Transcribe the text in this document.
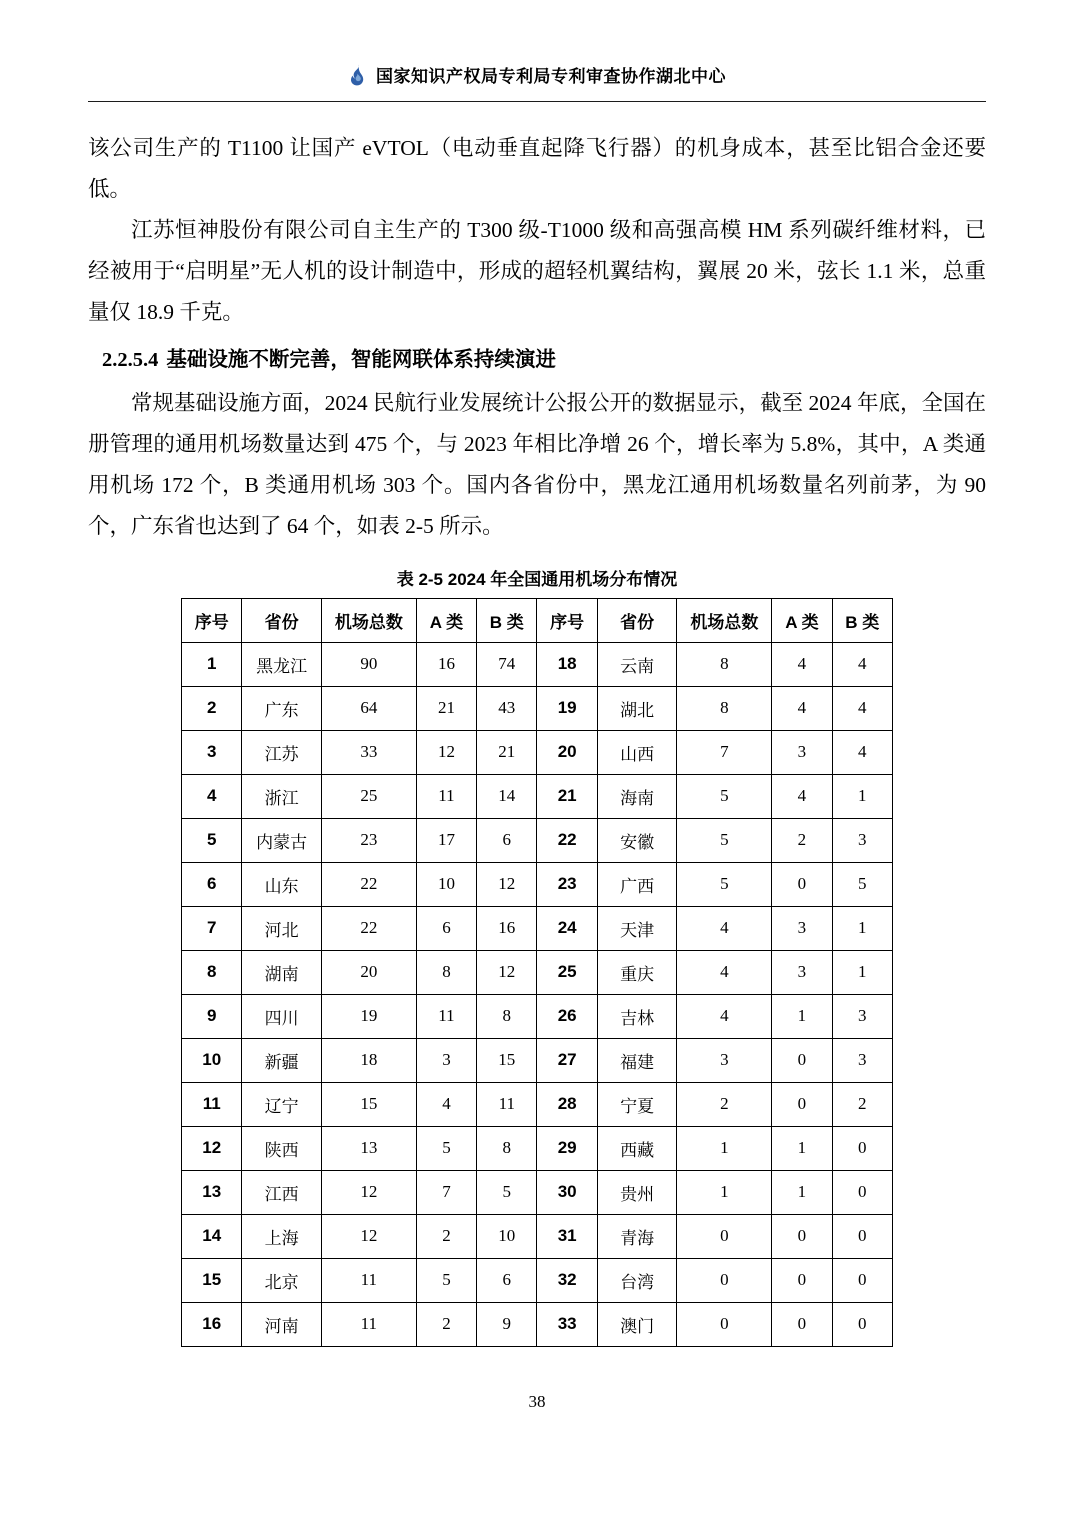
国家知识产权局专利局专利审查协作湖北中心

该公司生产的 T1100 让国产 eVTOL（电动垂直起降飞行器）的机身成本，甚至比铝合金还要低。

江苏恒神股份有限公司自主生产的 T300 级-T1000 级和高强高模 HM 系列碳纤维材料，已经被用于“启明星”无人机的设计制造中，形成的超轻机翼结构，翼展 20 米，弦长 1.1 米，总重量仅 18.9 千克。

2.2.5.4 基础设施不断完善，智能网联体系持续演进

常规基础设施方面，2024 民航行业发展统计公报公开的数据显示，截至 2024 年底，全国在册管理的通用机场数量达到 475 个，与 2023 年相比净增 26 个，增长率为 5.8%，其中，A 类通用机场 172 个，B 类通用机场 303 个。国内各省份中，黑龙江通用机场数量名列前茅，为 90 个，广东省也达到了 64 个，如表 2-5 所示。

表 2-5 2024 年全国通用机场分布情况
序号	省份	机场总数	A 类	B 类	序号	省份	机场总数	A 类	B 类
1	黑龙江	90	16	74	18	云南	8	4	4
2	广东	64	21	43	19	湖北	8	4	4
3	江苏	33	12	21	20	山西	7	3	4
4	浙江	25	11	14	21	海南	5	4	1
5	内蒙古	23	17	6	22	安徽	5	2	3
6	山东	22	10	12	23	广西	5	0	5
7	河北	22	6	16	24	天津	4	3	1
8	湖南	20	8	12	25	重庆	4	3	1
9	四川	19	11	8	26	吉林	4	1	3
10	新疆	18	3	15	27	福建	3	0	3
11	辽宁	15	4	11	28	宁夏	2	0	2
12	陕西	13	5	8	29	西藏	1	1	0
13	江西	12	7	5	30	贵州	1	1	0
14	上海	12	2	10	31	青海	0	0	0
15	北京	11	5	6	32	台湾	0	0	0
16	河南	11	2	9	33	澳门	0	0	0
38
